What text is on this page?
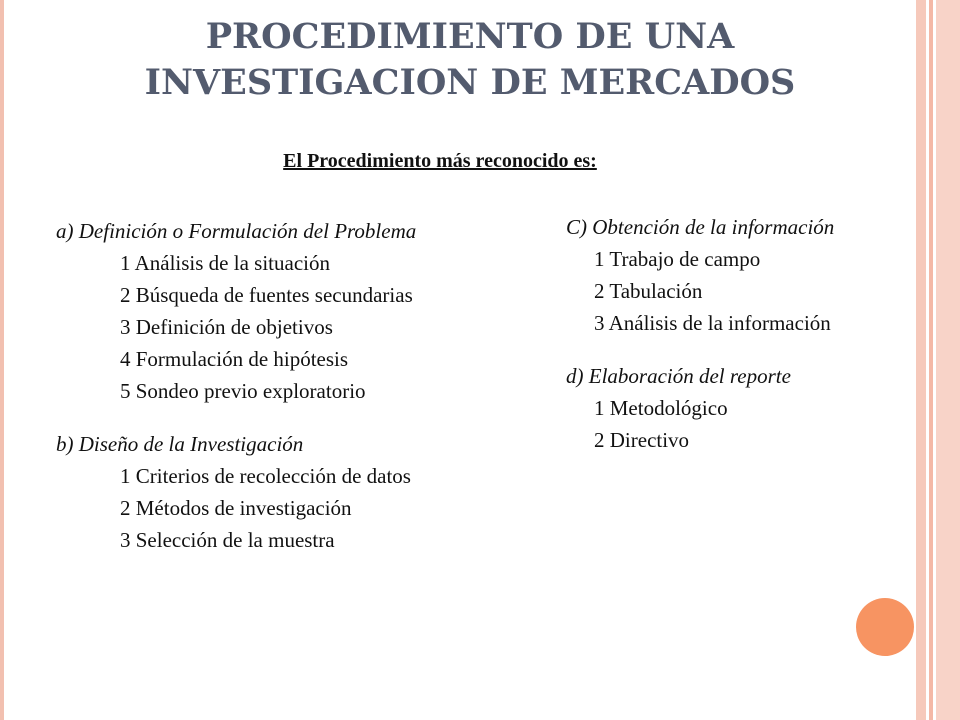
PROCEDIMIENTO DE UNA INVESTIGACION DE MERCADOS
El Procedimiento más reconocido es:

a) Definición o Formulación del Problema

1 Análisis de la situación

2 Búsqueda de fuentes secundarias

3 Definición de objetivos

4 Formulación de hipótesis

5 Sondeo previo exploratorio

b) Diseño de la Investigación

1 Criterios de recolección de datos

2 Métodos de investigación

3 Selección de la muestra

C) Obtención de la información

1 Trabajo de campo

2 Tabulación

3 Análisis de la información

d) Elaboración del reporte

1 Metodológico

2 Directivo
